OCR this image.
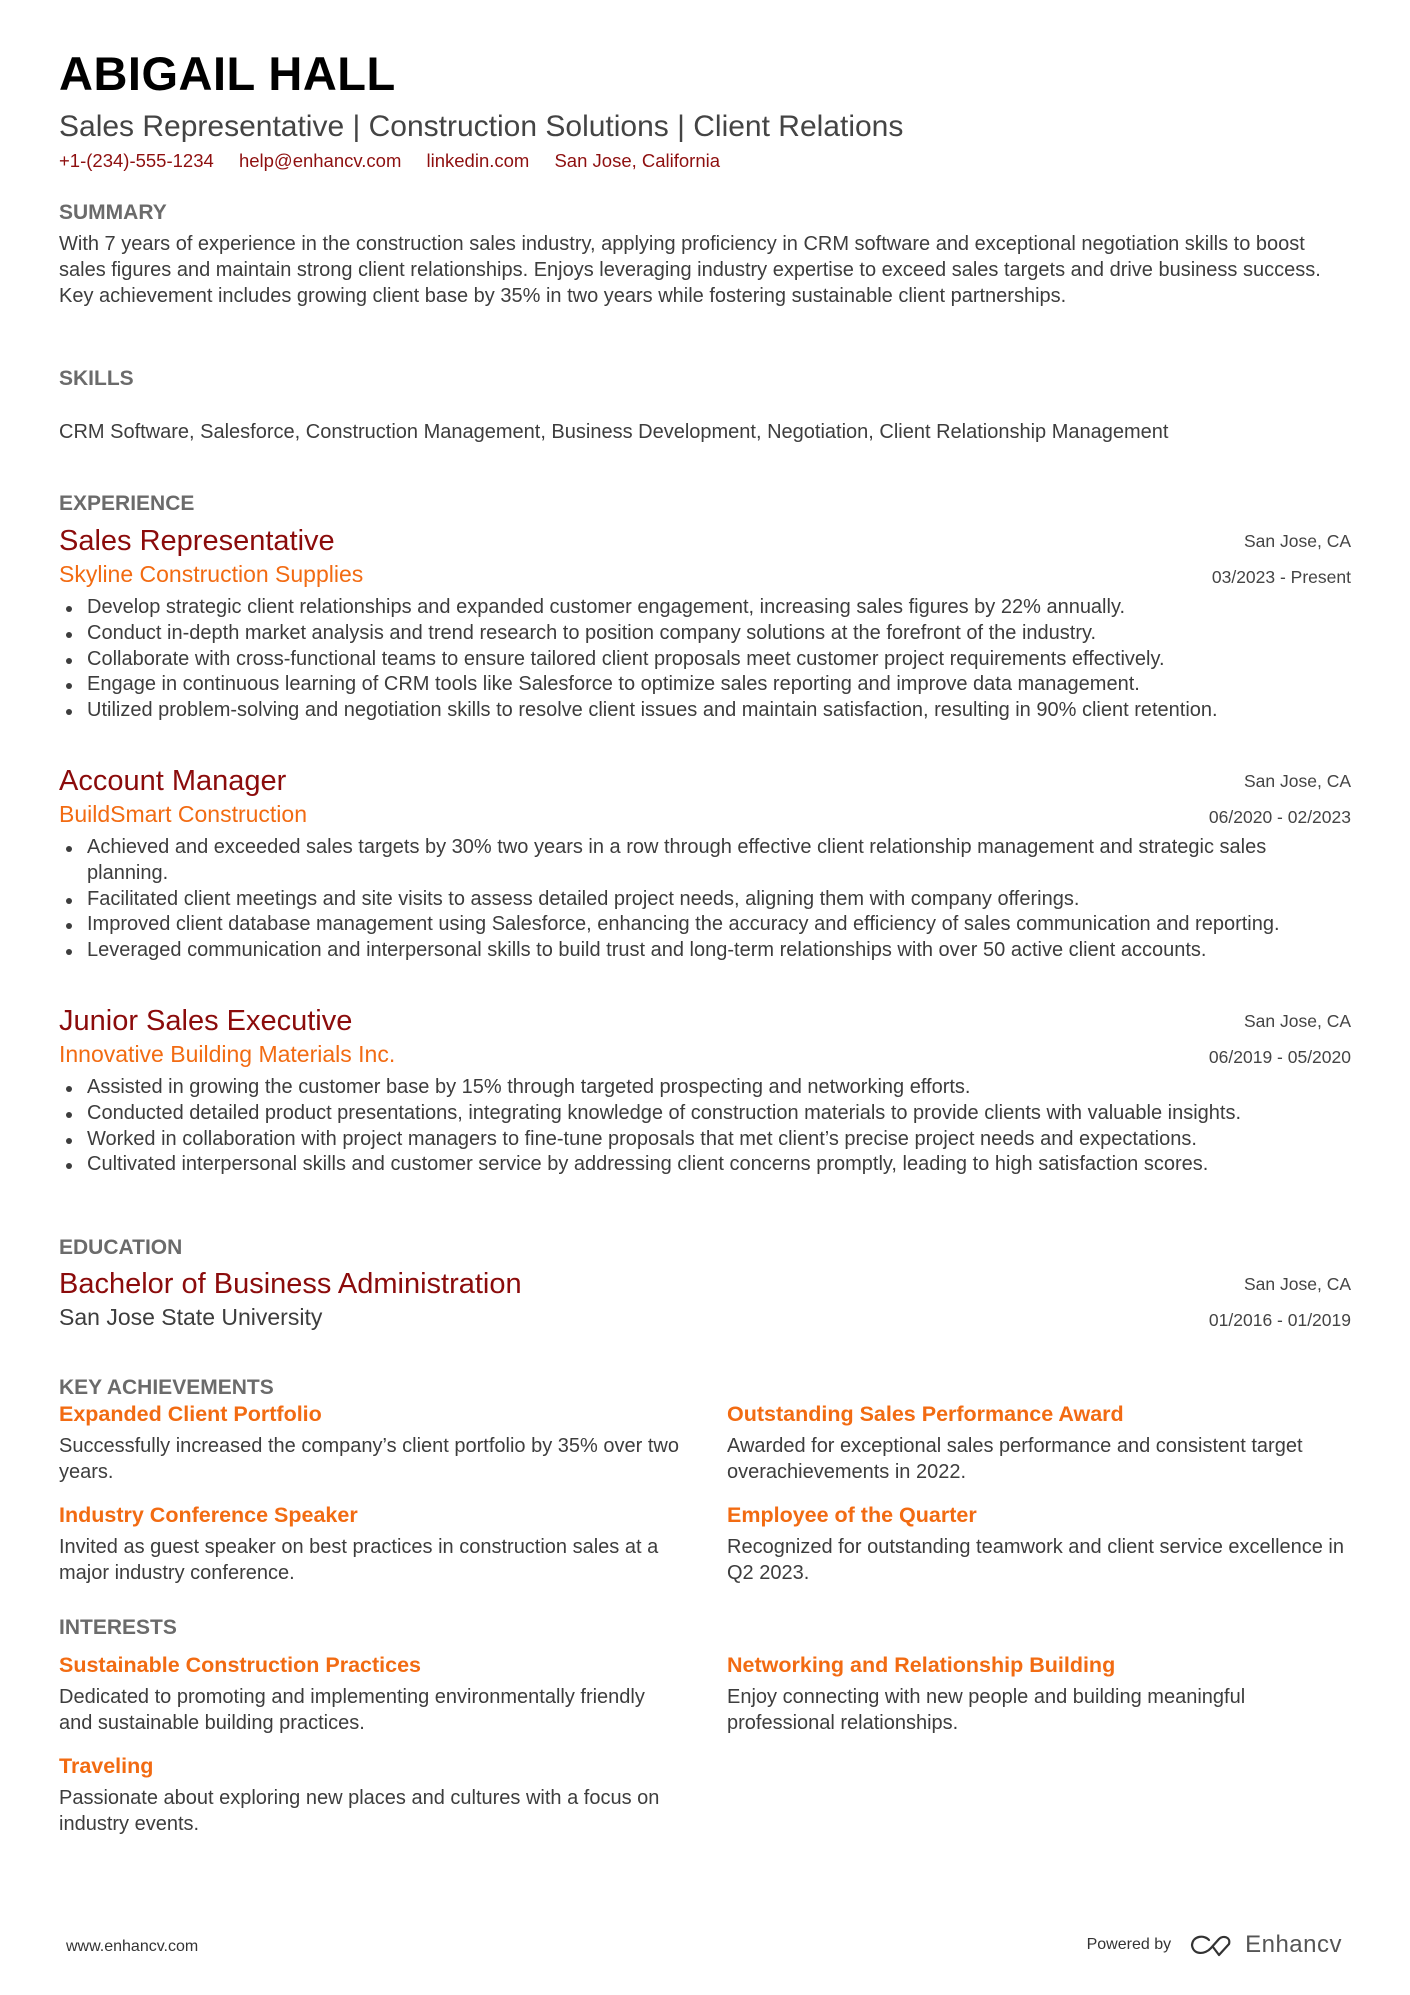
ABIGAIL HALL
Sales Representative | Construction Solutions | Client Relations
+1-(234)-555-1234 help@enhancv.com linkedin.com San Jose, California
SUMMARY

With 7 years of experience in the construction sales industry, applying proficiency in CRM software and exceptional negotiation skills to boost sales figures and maintain strong client relationships. Enjoys leveraging industry expertise to exceed sales targets and drive business success. Key achievement includes growing client base by 35% in two years while fostering sustainable client partnerships.

SKILLS

CRM Software, Salesforce, Construction Management, Business Development, Negotiation, Client Relationship Management

EXPERIENCE
Sales Representative
Skyline Construction Supplies
San Jose, CA
03/2023 - Present
Develop strategic client relationships and expanded customer engagement, increasing sales figures by 22% annually.
Conduct in-depth market analysis and trend research to position company solutions at the forefront of the industry.
Collaborate with cross-functional teams to ensure tailored client proposals meet customer project requirements effectively.
Engage in continuous learning of CRM tools like Salesforce to optimize sales reporting and improve data management.
Utilized problem-solving and negotiation skills to resolve client issues and maintain satisfaction, resulting in 90% client retention.
Account Manager
BuildSmart Construction
San Jose, CA
06/2020 - 02/2023
Achieved and exceeded sales targets by 30% two years in a row through effective client relationship management and strategic sales planning.
Facilitated client meetings and site visits to assess detailed project needs, aligning them with company offerings.
Improved client database management using Salesforce, enhancing the accuracy and efficiency of sales communication and reporting.
Leveraged communication and interpersonal skills to build trust and long-term relationships with over 50 active client accounts.
Junior Sales Executive
Innovative Building Materials Inc.
San Jose, CA
06/2019 - 05/2020
Assisted in growing the customer base by 15% through targeted prospecting and networking efforts.
Conducted detailed product presentations, integrating knowledge of construction materials to provide clients with valuable insights.
Worked in collaboration with project managers to fine-tune proposals that met client’s precise project needs and expectations.
Cultivated interpersonal skills and customer service by addressing client concerns promptly, leading to high satisfaction scores.
EDUCATION
Bachelor of Business Administration
San Jose State University
San Jose, CA
01/2016 - 01/2019
KEY ACHIEVEMENTS
Expanded Client Portfolio
Successfully increased the company’s client portfolio by 35% over two years.
Outstanding Sales Performance Award
Awarded for exceptional sales performance and consistent target overachievements in 2022.
Industry Conference Speaker
Invited as guest speaker on best practices in construction sales at a major industry conference.
Employee of the Quarter
Recognized for outstanding teamwork and client service excellence in Q2 2023.
INTERESTS
Sustainable Construction Practices
Dedicated to promoting and implementing environmentally friendly and sustainable building practices.
Networking and Relationship Building
Enjoy connecting with new people and building meaningful professional relationships.
Traveling
Passionate about exploring new places and cultures with a focus on industry events.
www.enhancv.com	Powered by	Enhancv
